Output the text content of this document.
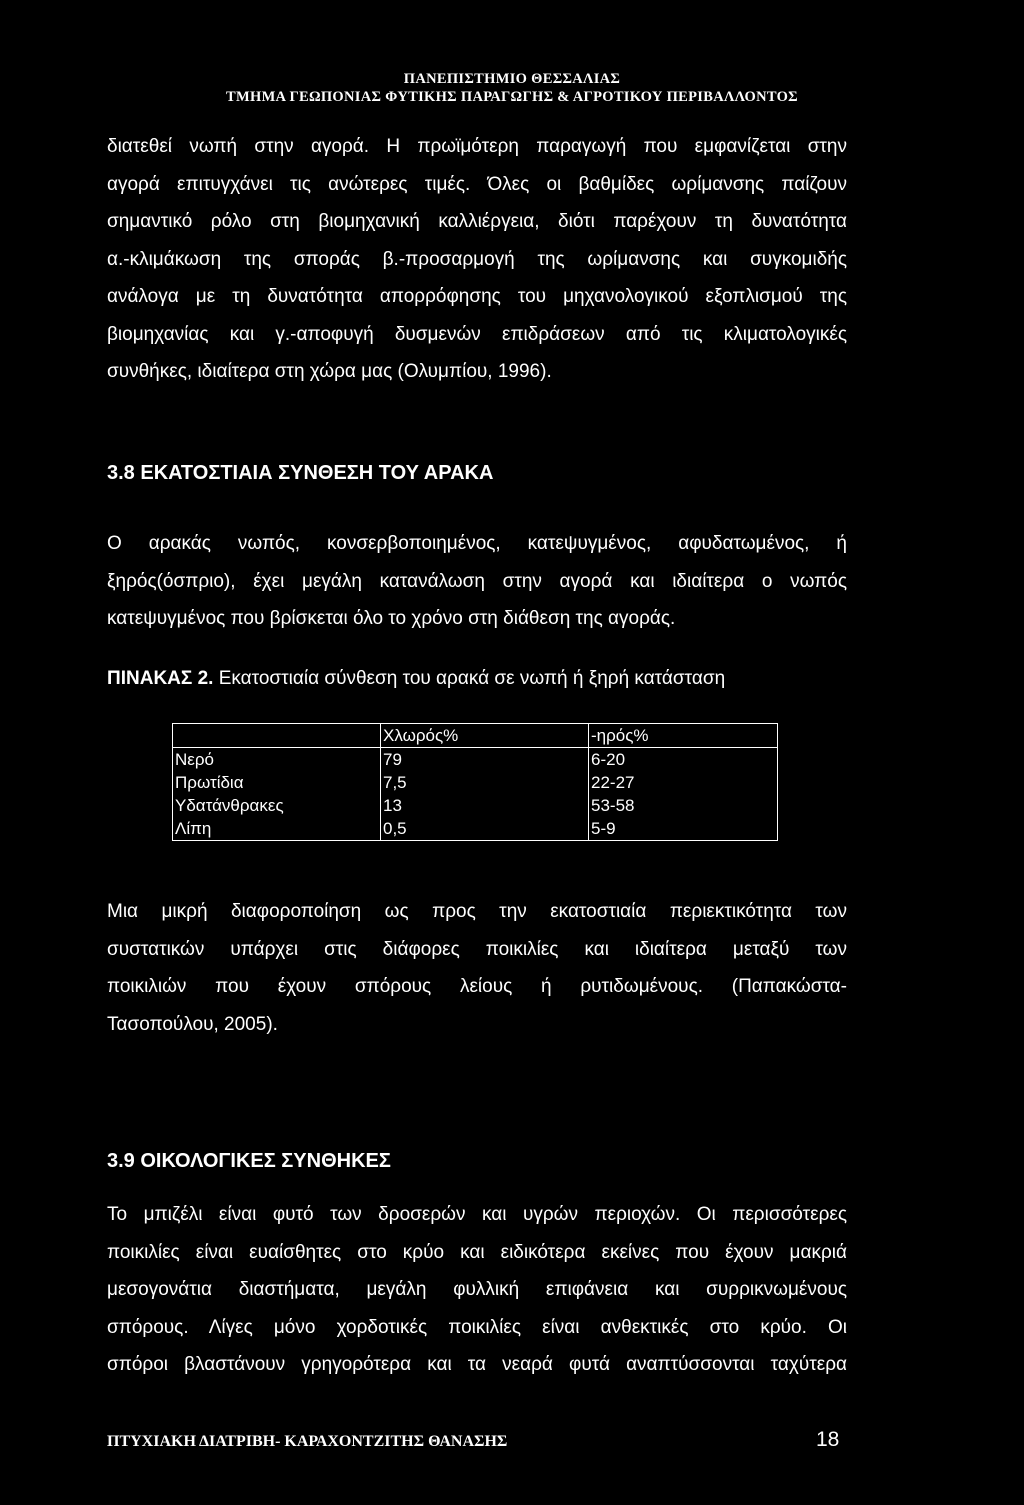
ΠΑΝΕΠΙΣΤΗΜΙΟ ΘΕΣΣΑΛΙΑΣ
ΤΜΗΜΑ ΓΕΩΠΟΝΙΑΣ ΦΥΤΙΚΗΣ ΠΑΡΑΓΩΓΗΣ & ΑΓΡΟΤΙΚΟΥ ΠΕΡΙΒΑΛΛΟΝΤΟΣ

διατεθεί νωπή στην αγορά. Η πρωϊμότερη παραγωγή που εμφανίζεται στην
αγορά επιτυγχάνει τις ανώτερες τιμές. Όλες οι βαθμίδες ωρίμανσης παίζουν
σημαντικό ρόλο στη βιομηχανική καλλιέργεια, διότι παρέχουν τη δυνατότητα
α.-κλιμάκωση της σποράς β.-προσαρμογή της ωρίμανσης και συγκομιδής
ανάλογα με τη δυνατότητα απορρόφησης του μηχανολογικού εξοπλισμού της
βιομηχανίας και γ.-αποφυγή δυσμενών επιδράσεων από τις κλιματολογικές
συνθήκες, ιδιαίτερα στη χώρα μας (Ολυμπίου, 1996).

3.8 ΕΚΑΤΟΣΤΙΑΙΑ ΣΥΝΘΕΣΗ ΤΟΥ ΑΡΑΚΑ

Ο αρακάς νωπός, κονσερβοποιημένος, κατεψυγμένος, αφυδατωμένος, ή
ξηρός(όσπριο), έχει μεγάλη κατανάλωση στην αγορά και ιδιαίτερα ο νωπός
κατεψυγμένος που βρίσκεται όλο το χρόνο στη διάθεση της αγοράς.

ΠΙΝΑΚΑΣ 2. Εκατοστιαία σύνθεση του αρακά σε νωπή ή ξηρή κατάσταση

	Χλωρός%	-ηρός%
Νερό	79	6-20
Πρωτίδια	7,5	22-27
Υδατάνθρακες	13	53-58
Λίπη	0,5	5-9

Μια μικρή διαφοροποίηση ως προς την εκατοστιαία περιεκτικότητα των
συστατικών υπάρχει στις διάφορες ποικιλίες και ιδιαίτερα μεταξύ των
ποικιλιών που έχουν σπόρους λείους ή ρυτιδωμένους. (Παπακώστα-
Τασοπούλου, 2005).

3.9 ΟΙΚΟΛΟΓΙΚΕΣ ΣΥΝΘΗΚΕΣ

Το μπιζέλι είναι φυτό των δροσερών και υγρών περιοχών. Οι περισσότερες
ποικιλίες είναι ευαίσθητες στο κρύο και ειδικότερα εκείνες που έχουν μακριά
μεσογονάτια διαστήματα, μεγάλη φυλλική επιφάνεια και συρρικνωμένους
σπόρους. Λίγες μόνο χορδοτικές ποικιλίες είναι ανθεκτικές στο κρύο. Οι
σπόροι βλαστάνουν γρηγορότερα και τα νεαρά φυτά αναπτύσσονται ταχύτερα

ΠΤΥΧΙΑΚΗ ΔΙΑΤΡΙΒΗ- ΚΑΡΑΧΟΝΤΖΙΤΗΣ ΘΑΝΑΣΗΣ	18
